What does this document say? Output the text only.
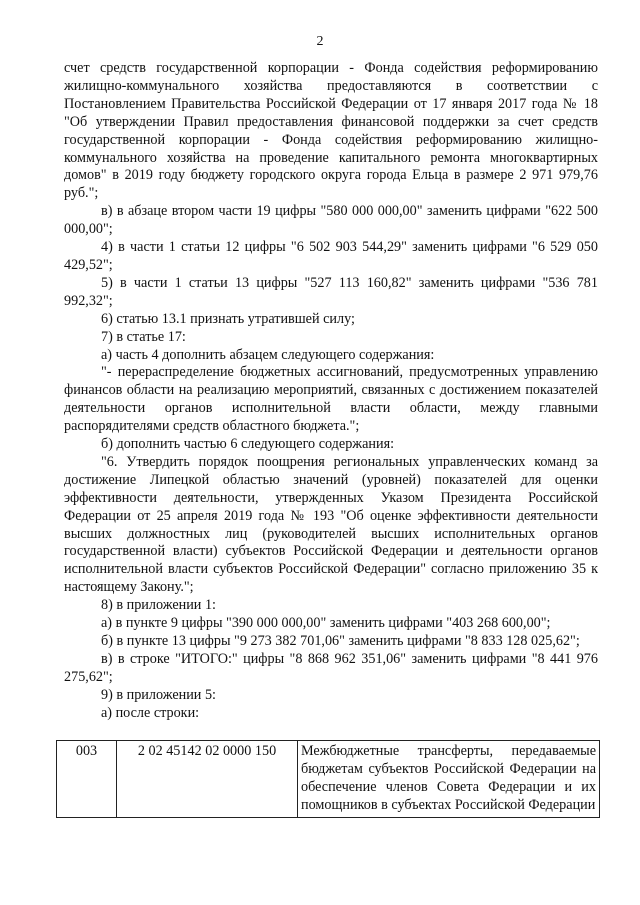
2

счет средств государственной корпорации - Фонда содействия реформированию жилищно-коммунального хозяйства предоставляются в соответствии с Постановлением Правительства Российской Федерации от 17 января 2017 года № 18 "Об утверждении Правил предоставления финансовой поддержки за счет средств государственной корпорации - Фонда содействия реформированию жилищно-коммунального хозяйства на проведение капитального ремонта многоквартирных домов" в 2019 году бюджету городского округа города Ельца в размере 2 971 979,76 руб.";

в) в абзаце втором части 19 цифры "580 000 000,00" заменить цифрами "622 500 000,00";

4) в части 1 статьи 12 цифры "6 502 903 544,29" заменить цифрами "6 529 050 429,52";

5) в части 1 статьи 13 цифры "527 113 160,82" заменить цифрами "536 781 992,32";

6) статью 13.1 признать утратившей силу;

7) в статье 17:

а) часть 4 дополнить абзацем следующего содержания:

"- перераспределение бюджетных ассигнований, предусмотренных управлению финансов области на реализацию мероприятий, связанных с достижением показателей деятельности органов исполнительной власти области, между главными распорядителями средств областного бюджета.";

б) дополнить частью 6 следующего содержания:

"6. Утвердить порядок поощрения региональных управленческих команд за достижение Липецкой областью значений (уровней) показателей для оценки эффективности деятельности, утвержденных Указом Президента Российской Федерации от 25 апреля 2019 года № 193 "Об оценке эффективности деятельности высших должностных лиц (руководителей высших исполнительных органов государственной власти) субъектов Российской Федерации и деятельности органов исполнительной власти субъектов Российской Федерации" согласно приложению 35 к настоящему Закону.";

8) в приложении 1:

а) в пункте 9 цифры "390 000 000,00" заменить цифрами "403 268 600,00";

б) в пункте 13 цифры "9 273 382 701,06" заменить цифрами "8 833 128 025,62";

в) в строке "ИТОГО:" цифры "8 868 962 351,06" заменить цифрами "8 441 976 275,62";

9) в приложении 5:

а) после строки:

003	2 02 45142 02 0000 150	Межбюджетные трансферты, передаваемые бюджетам субъектов Российской Федерации на обеспечение членов Совета Федерации и их помощников в субъектах Российской Федерации
